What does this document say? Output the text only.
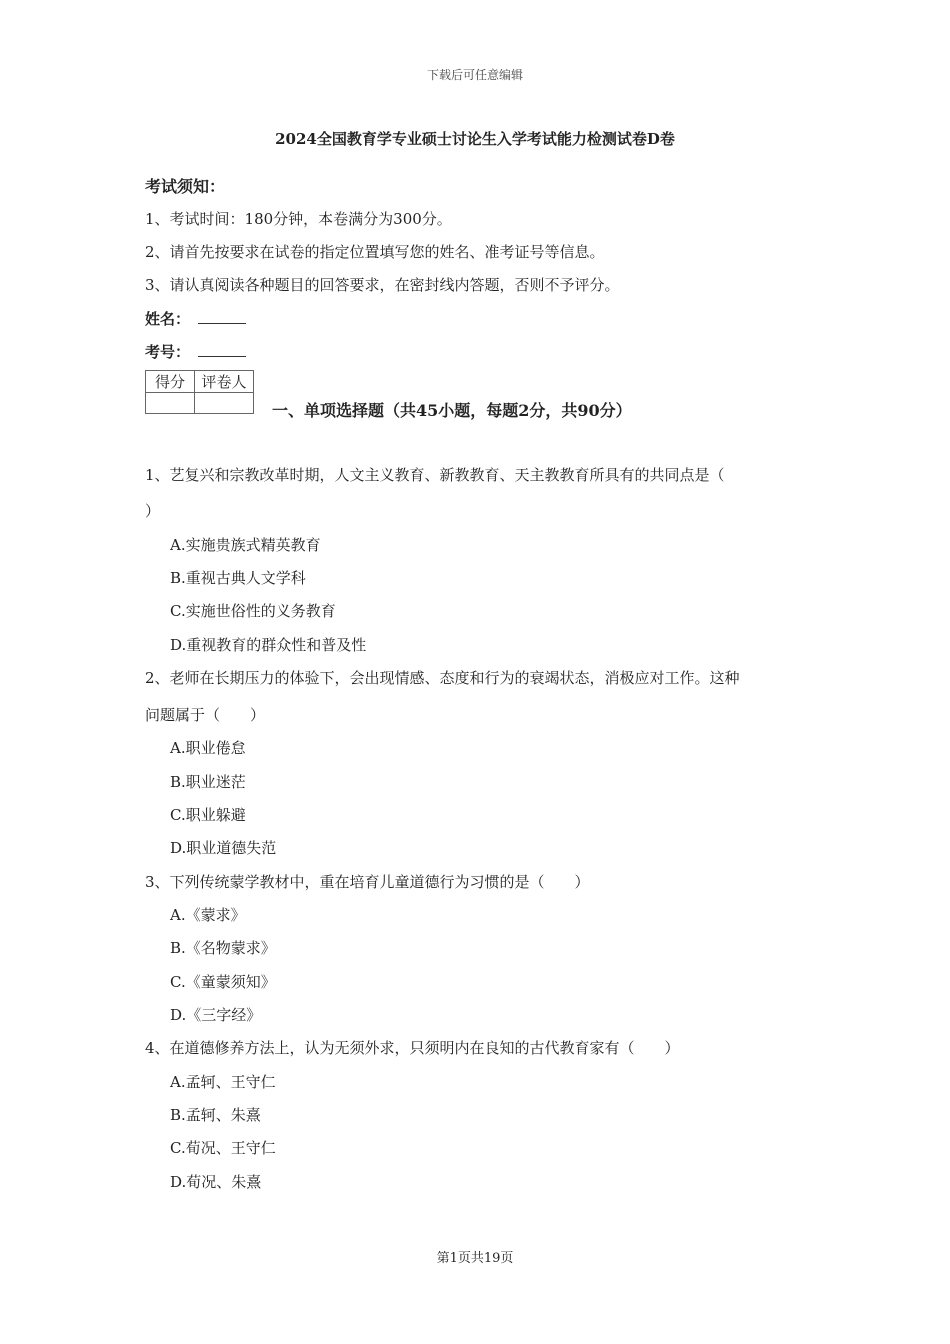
下载后可任意编辑
2024全国教育学专业硕士讨论生入学考试能力检测试卷D卷
考试须知：
1、考试时间：180分钟，本卷满分为300分。
2、请首先按要求在试卷的指定位置填写您的姓名、准考证号等信息。
3、请认真阅读各种题目的回答要求，在密封线内答题，否则不予评分。
姓名：
考号：
得分	评卷人

一、单项选择题（共45小题，每题2分，共90分）
1、艺复兴和宗教改革时期，人文主义教育、新教教育、天主教教育所具有的共同点是（
）
A.实施贵族式精英教育
B.重视古典人文学科
C.实施世俗性的义务教育
D.重视教育的群众性和普及性
2、老师在长期压力的体验下，会出现情感、态度和行为的衰竭状态，消极应对工作。这种
问题属于（　　）
A.职业倦怠
B.职业迷茫
C.职业躲避
D.职业道德失范
3、下列传统蒙学教材中，重在培育儿童道德行为习惯的是（　　）
A.《蒙求》
B.《名物蒙求》
C.《童蒙须知》
D.《三字经》
4、在道德修养方法上，认为无须外求，只须明内在良知的古代教育家有（　　）
A.孟轲、王守仁
B.孟轲、朱熹
C.荀况、王守仁
D.荀况、朱熹
第1页共19页
